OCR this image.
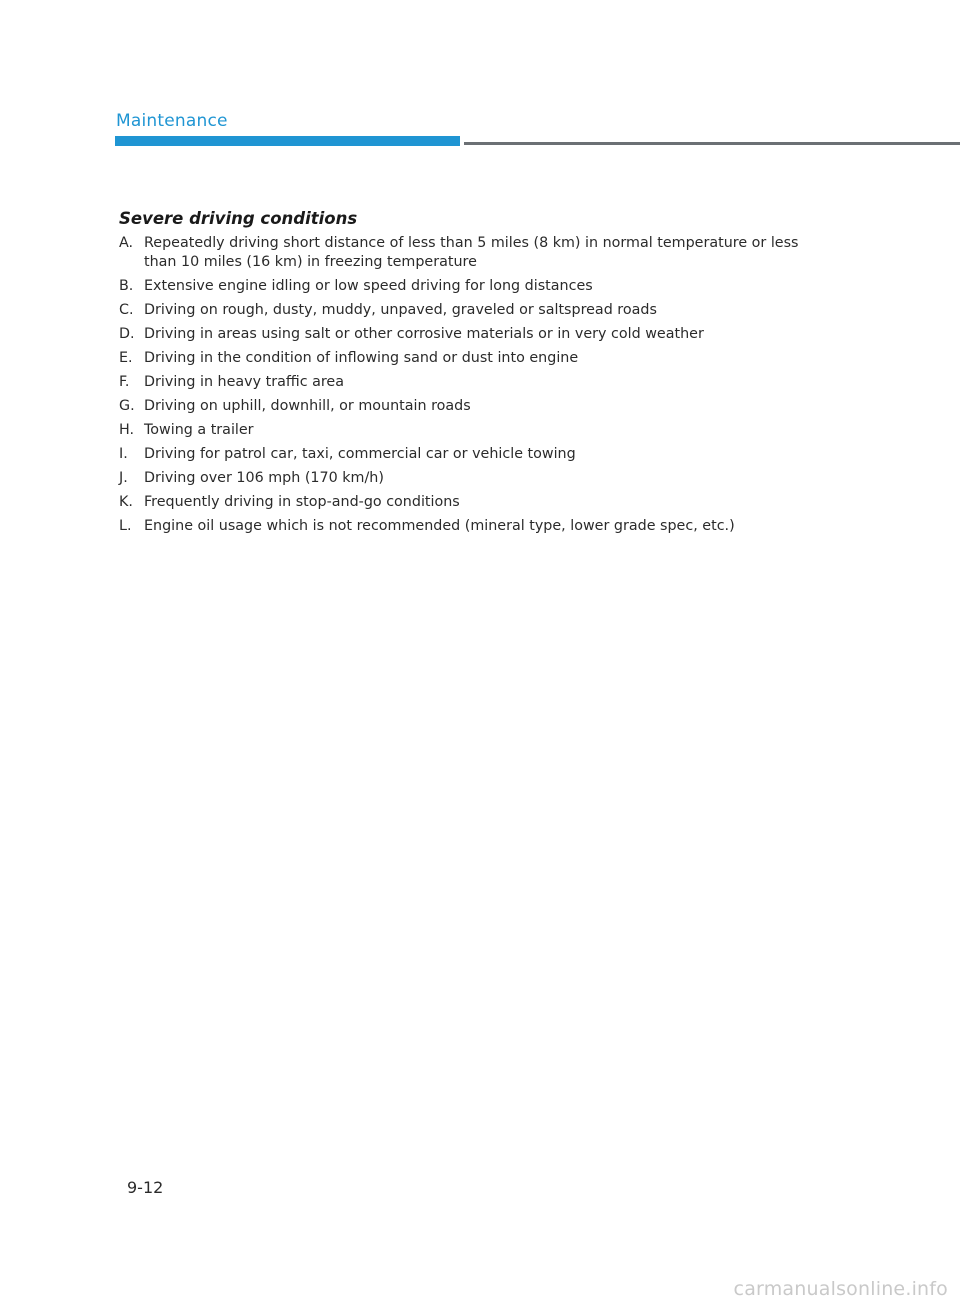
Maintenance
Severe driving conditions
A. Repeatedly driving short distance of less than 5 miles (8 km) in normal temperature or less than 10 miles (16 km) in freezing temperature
B. Extensive engine idling or low speed driving for long distances
C. Driving on rough, dusty, muddy, unpaved, graveled or saltspread roads
D. Driving in areas using salt or other corrosive materials or in very cold weather
E. Driving in the condition of inflowing sand or dust into engine
F. Driving in heavy traffic area
G. Driving on uphill, downhill, or mountain roads
H. Towing a trailer
I. Driving for patrol car, taxi, commercial car or vehicle towing
J. Driving over 106 mph (170 km/h)
K. Frequently driving in stop-and-go conditions
L. Engine oil usage which is not recommended (mineral type, lower grade spec, etc.)
9-12
carmanualsonline.info
